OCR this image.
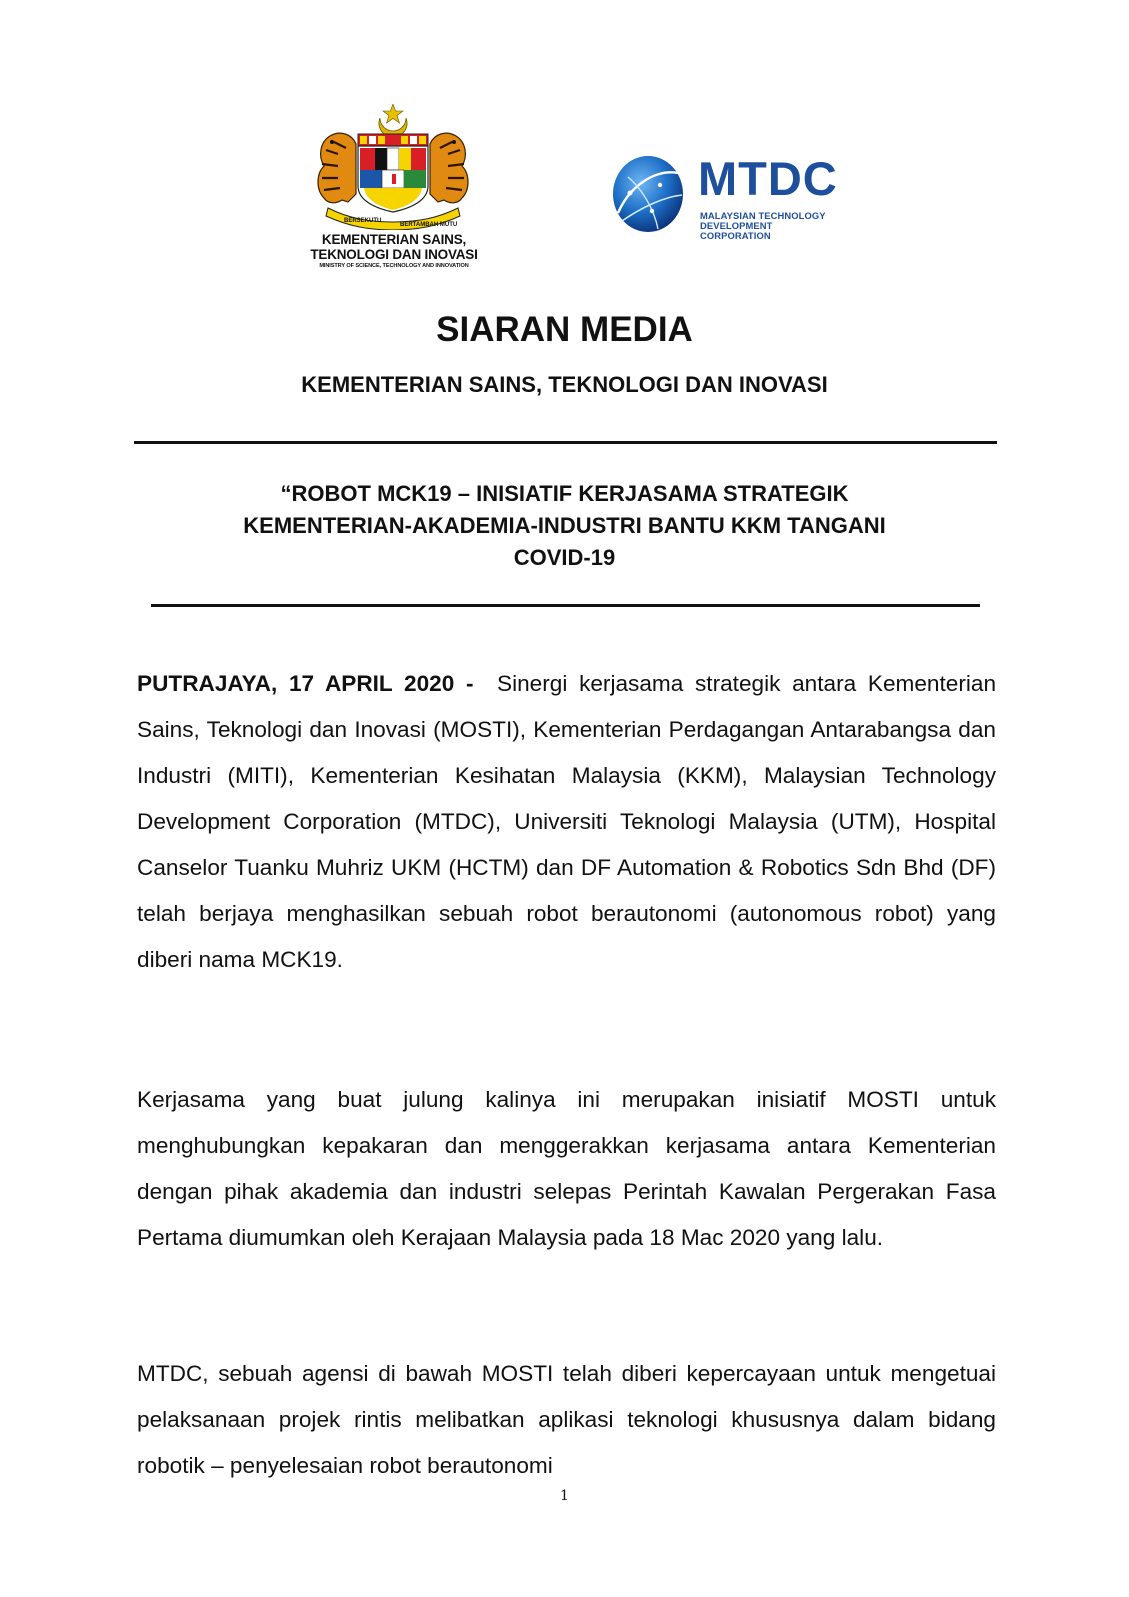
BERSEKUTU
BERTAMBAH MUTU
KEMENTERIAN SAINS,
TEKNOLOGI DAN INOVASI
MINISTRY OF SCIENCE, TECHNOLOGY AND INNOVATION
MTDC
MALAYSIAN TECHNOLOGY
DEVELOPMENT CORPORATION
SIARAN MEDIA
KEMENTERIAN SAINS, TEKNOLOGI DAN INOVASI
“ROBOT MCK19 – INISIATIF KERJASAMA STRATEGIK
KEMENTERIAN-AKADEMIA-INDUSTRI BANTU KKM TANGANI
COVID-19

PUTRAJAYA, 17 APRIL 2020 - Sinergi kerjasama strategik antara Kementerian Sains, Teknologi dan Inovasi (MOSTI), Kementerian Perdagangan Antarabangsa dan Industri (MITI), Kementerian Kesihatan Malaysia (KKM), Malaysian Technology Development Corporation (MTDC), Universiti Teknologi Malaysia (UTM), Hospital Canselor Tuanku Muhriz UKM (HCTM) dan DF Automation & Robotics Sdn Bhd (DF) telah berjaya menghasilkan sebuah robot berautonomi (autonomous robot) yang diberi nama MCK19.

Kerjasama yang buat julung kalinya ini merupakan inisiatif MOSTI untuk menghubungkan kepakaran dan menggerakkan kerjasama antara Kementerian dengan pihak akademia dan industri selepas Perintah Kawalan Pergerakan Fasa Pertama diumumkan oleh Kerajaan Malaysia pada 18 Mac 2020 yang lalu.

MTDC, sebuah agensi di bawah MOSTI telah diberi kepercayaan untuk mengetuai pelaksanaan projek rintis melibatkan aplikasi teknologi khususnya dalam bidang robotik – penyelesaian robot berautonomi

1
